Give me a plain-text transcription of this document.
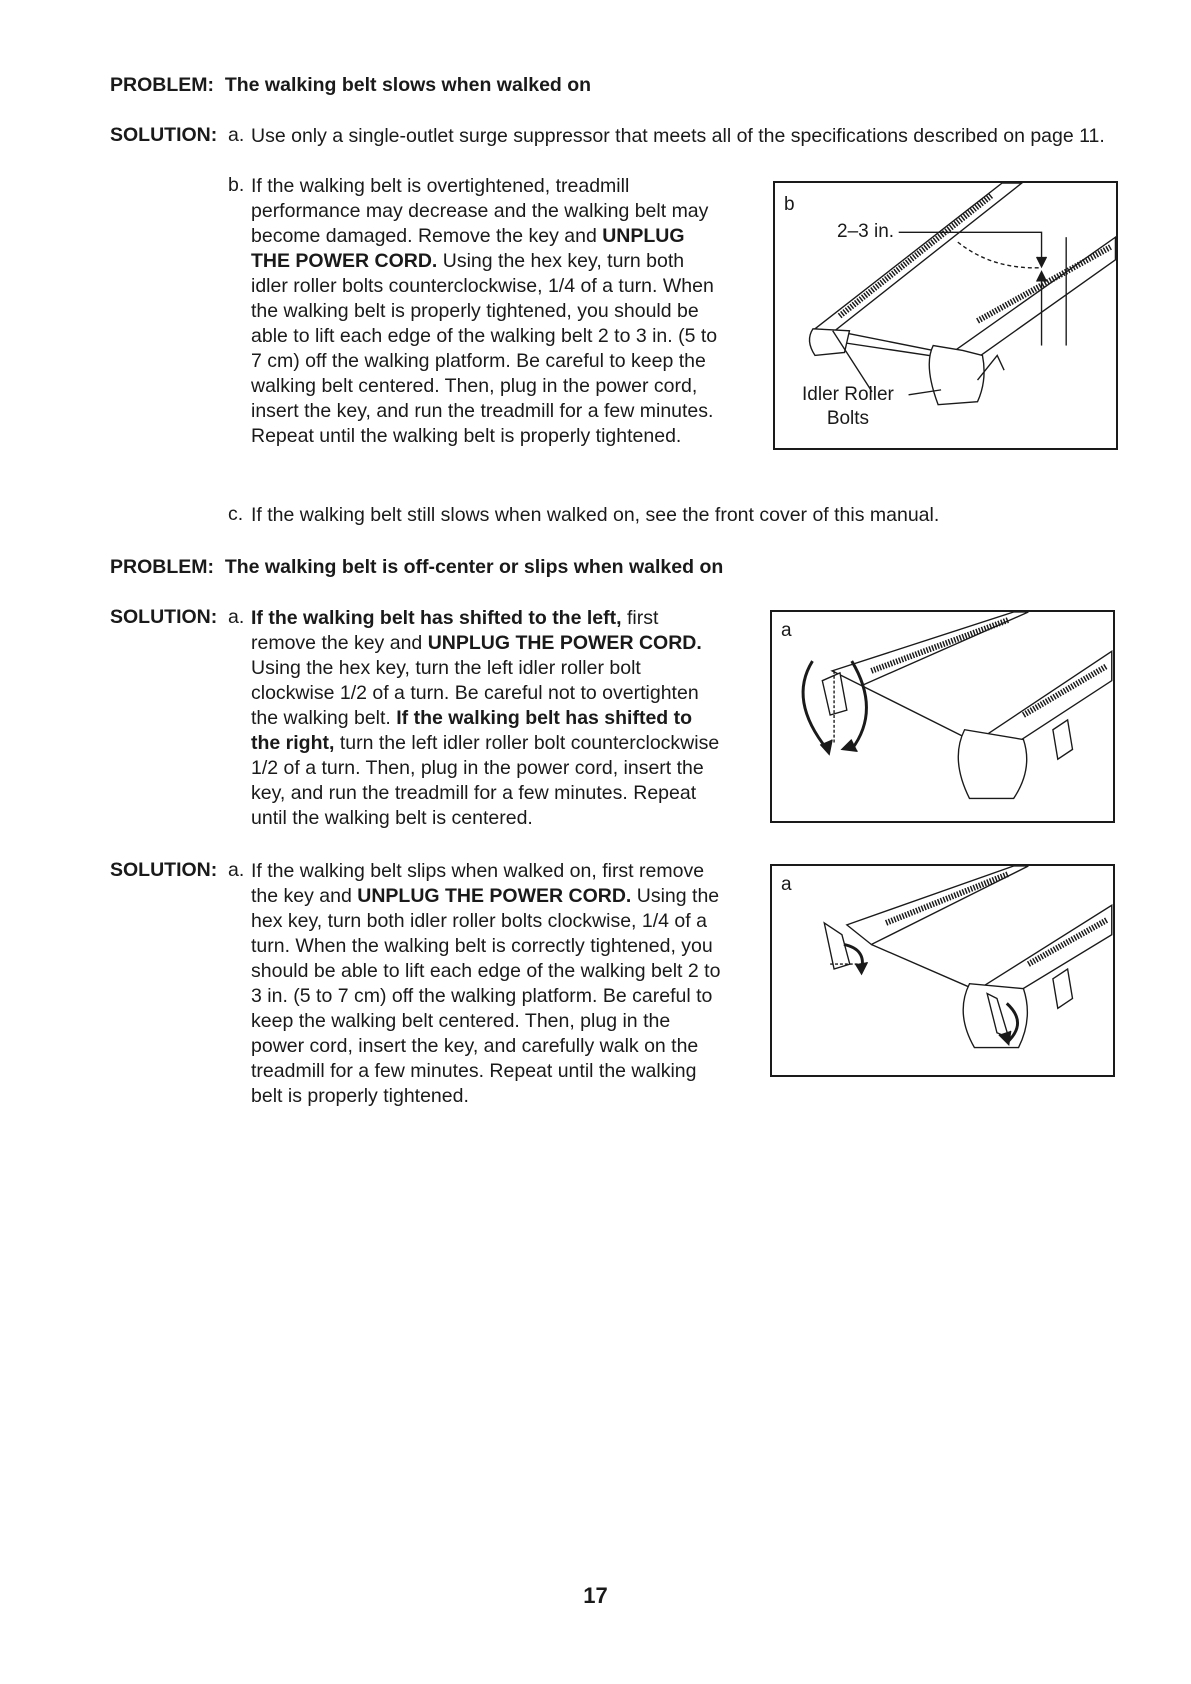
PROBLEM: The walking belt slows when walked on
SOLUTION: a. Use only a single-outlet surge suppressor that meets all of the specifications described on page 11.
b. If the walking belt is overtightened, treadmill performance may decrease and the walking belt may become damaged. Remove the key and UNPLUG THE POWER CORD. Using the hex key, turn both idler roller bolts counterclockwise, 1/4 of a turn. When the walking belt is properly tightened, you should be able to lift each edge of the walking belt 2 to 3 in. (5 to 7 cm) off the walking platform. Be careful to keep the walking belt centered. Then, plug in the power cord, insert the key, and run the treadmill for a few minutes. Repeat until the walking belt is properly tightened.
b
2–3 in.
Idler Roller
Bolts
c. If the walking belt still slows when walked on, see the front cover of this manual.
PROBLEM: The walking belt is off-center or slips when walked on
SOLUTION: a. If the walking belt has shifted to the left, first remove the key and UNPLUG THE POWER CORD. Using the hex key, turn the left idler roller bolt clockwise 1/2 of a turn. Be careful not to overtighten the walking belt. If the walking belt has shifted to the right, turn the left idler roller bolt counterclockwise 1/2 of a turn. Then, plug in the power cord, insert the key, and run the treadmill for a few minutes. Repeat until the walking belt is centered.
a
SOLUTION: a. If the walking belt slips when walked on, first remove the key and UNPLUG THE POWER CORD. Using the hex key, turn both idler roller bolts clockwise, 1/4 of a turn. When the walking belt is correctly tightened, you should be able to lift each edge of the walking belt 2 to 3 in. (5 to 7 cm) off the walking platform. Be careful to keep the walking belt centered. Then, plug in the power cord, insert the key, and carefully walk on the treadmill for a few minutes. Repeat until the walking belt is properly tightened.
a
17
